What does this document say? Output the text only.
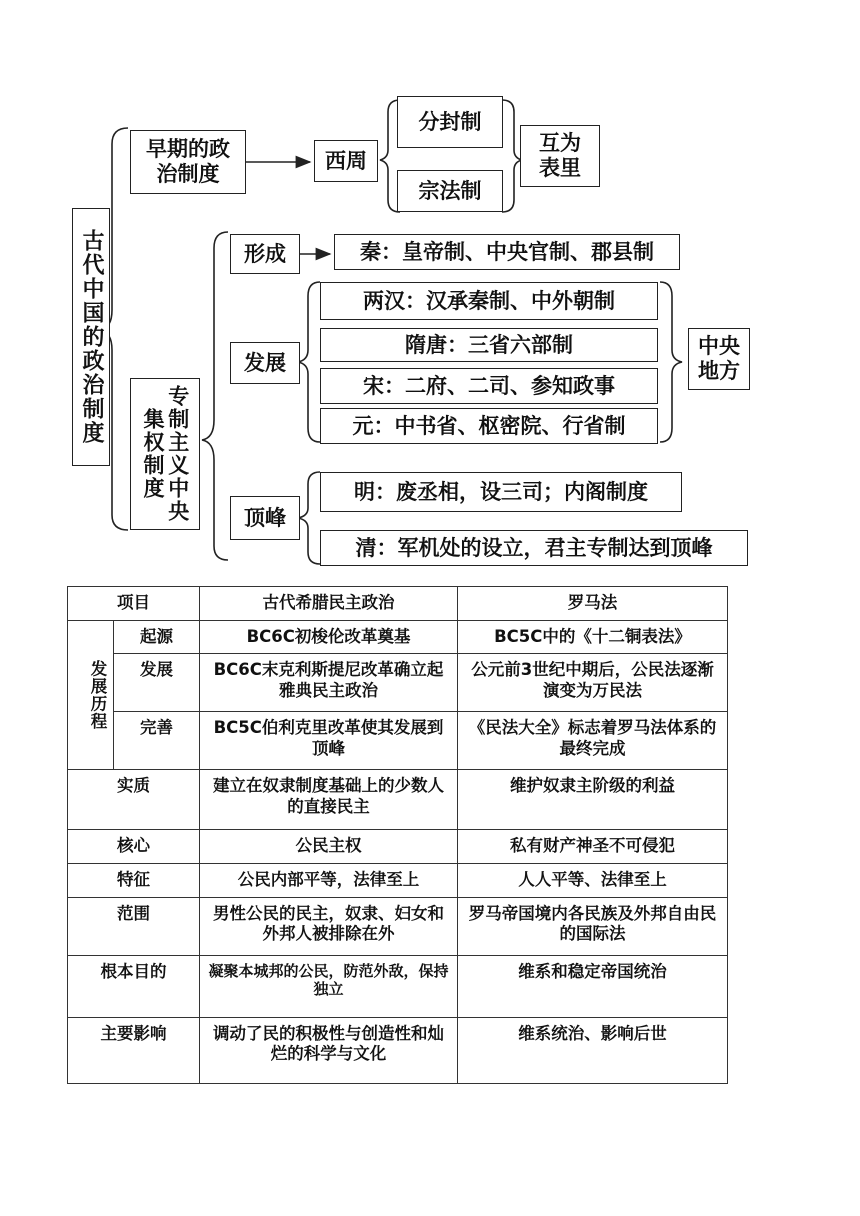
古代中国的政治制度
早期的政治制度
西周
分封制
宗法制
互为表里
专制主义中央集权制度
形成	秦：皇帝制、中央官制、郡县制
发展
两汉：汉承秦制、中外朝制
隋唐：三省六部制
宋：二府、二司、参知政事
元：中书省、枢密院、行省制
中央地方
顶峰
明：废丞相，设三司；内阁制度
清：军机处的设立，君主专制达到顶峰
项目		古代希腊民主政治	罗马法
发展历程	起源	BC6C初梭伦改革奠基	BC5C中的《十二铜表法》
	发展	BC6C末克利斯提尼改革确立起雅典民主政治	公元前3世纪中期后，公民法逐渐演变为万民法
	完善	BC5C伯利克里改革使其发展到顶峰	《民法大全》标志着罗马法体系的最终完成
实质		建立在奴隶制度基础上的少数人的直接民主	维护奴隶主阶级的利益
核心		公民主权	私有财产神圣不可侵犯
特征		公民内部平等，法律至上	人人平等、法律至上
范围		男性公民的民主，奴隶、妇女和外邦人被排除在外	罗马帝国境内各民族及外邦自由民的国际法
根本目的		凝聚本城邦的公民，防范外敌，保持独立	维系和稳定帝国统治
主要影响		调动了民的积极性与创造性和灿烂的科学与文化	维系统治、影响后世
